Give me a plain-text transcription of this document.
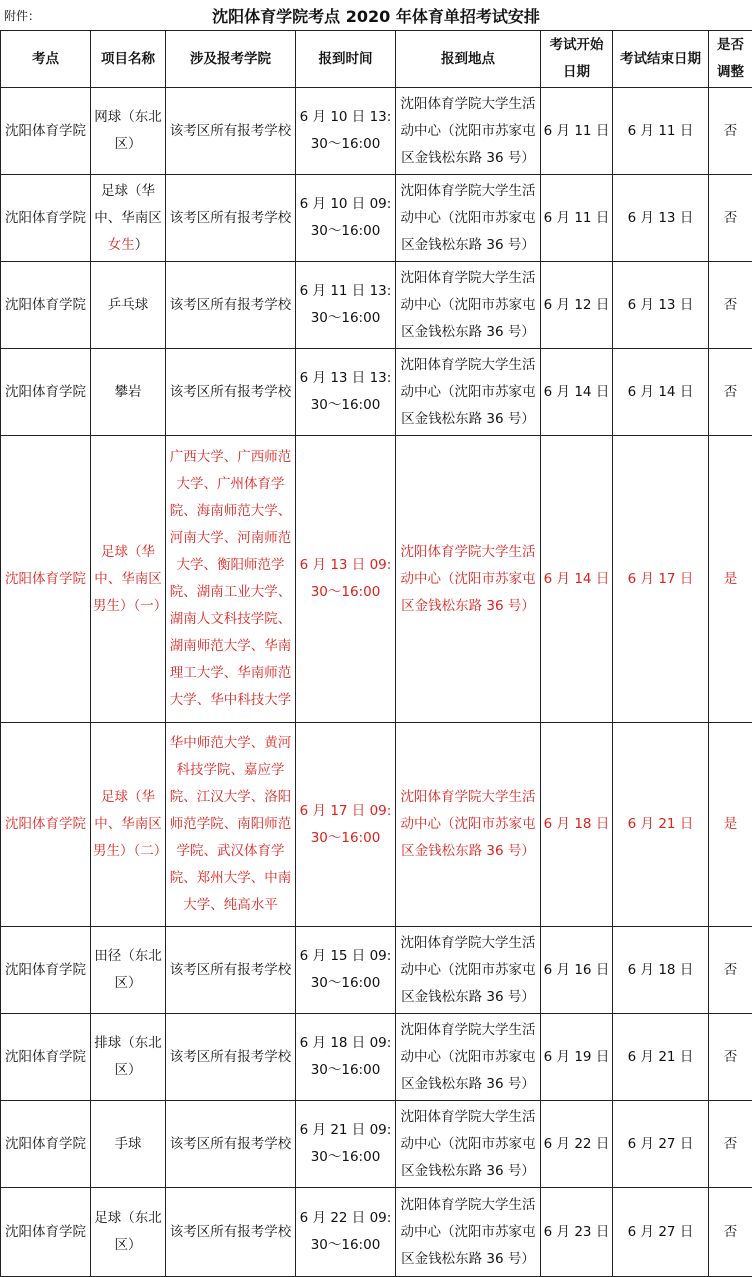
附件：	沈阳体育学院考点 2020 年体育单招考试安排
考点	项目名称	涉及报考学院	报到时间	报到地点	考试开始日期	考试结束日期	是否调整
沈阳体育学院	网球（东北区）	该考区所有报考学校	6 月 10 日 13:30～16:00	沈阳体育学院大学生活动中心（沈阳市苏家屯区金钱松东路 36 号）	6 月 11 日	6 月 11 日	否
沈阳体育学院	足球（华中、华南区女生）	该考区所有报考学校	6 月 10 日 09:30～16:00	沈阳体育学院大学生活动中心（沈阳市苏家屯区金钱松东路 36 号）	6 月 11 日	6 月 13 日	否
沈阳体育学院	乒乓球	该考区所有报考学校	6 月 11 日 13:30～16:00	沈阳体育学院大学生活动中心（沈阳市苏家屯区金钱松东路 36 号）	6 月 12 日	6 月 13 日	否
沈阳体育学院	攀岩	该考区所有报考学校	6 月 13 日 13:30～16:00	沈阳体育学院大学生活动中心（沈阳市苏家屯区金钱松东路 36 号）	6 月 14 日	6 月 14 日	否
沈阳体育学院	足球（华中、华南区男生）（一）	广西大学、广西师范大学、广州体育学院、海南师范大学、河南大学、河南师范大学、衡阳师范学院、湖南工业大学、湖南人文科技学院、湖南师范大学、华南理工大学、华南师范大学、华中科技大学	6 月 13 日 09:30～16:00	沈阳体育学院大学生活动中心（沈阳市苏家屯区金钱松东路 36 号）	6 月 14 日	6 月 17 日	是
沈阳体育学院	足球（华中、华南区男生）（二）	华中师范大学、黄河科技学院、嘉应学院、江汉大学、洛阳师范学院、南阳师范学院、武汉体育学院、郑州大学、中南大学、纯高水平	6 月 17 日 09:30～16:00	沈阳体育学院大学生活动中心（沈阳市苏家屯区金钱松东路 36 号）	6 月 18 日	6 月 21 日	是
沈阳体育学院	田径（东北区）	该考区所有报考学校	6 月 15 日 09:30～16:00	沈阳体育学院大学生活动中心（沈阳市苏家屯区金钱松东路 36 号）	6 月 16 日	6 月 18 日	否
沈阳体育学院	排球（东北区）	该考区所有报考学校	6 月 18 日 09:30～16:00	沈阳体育学院大学生活动中心（沈阳市苏家屯区金钱松东路 36 号）	6 月 19 日	6 月 21 日	否
沈阳体育学院	手球	该考区所有报考学校	6 月 21 日 09:30～16:00	沈阳体育学院大学生活动中心（沈阳市苏家屯区金钱松东路 36 号）	6 月 22 日	6 月 27 日	否
沈阳体育学院	足球（东北区）	该考区所有报考学校	6 月 22 日 09:30～16:00	沈阳体育学院大学生活动中心（沈阳市苏家屯区金钱松东路 36 号）	6 月 23 日	6 月 27 日	否
